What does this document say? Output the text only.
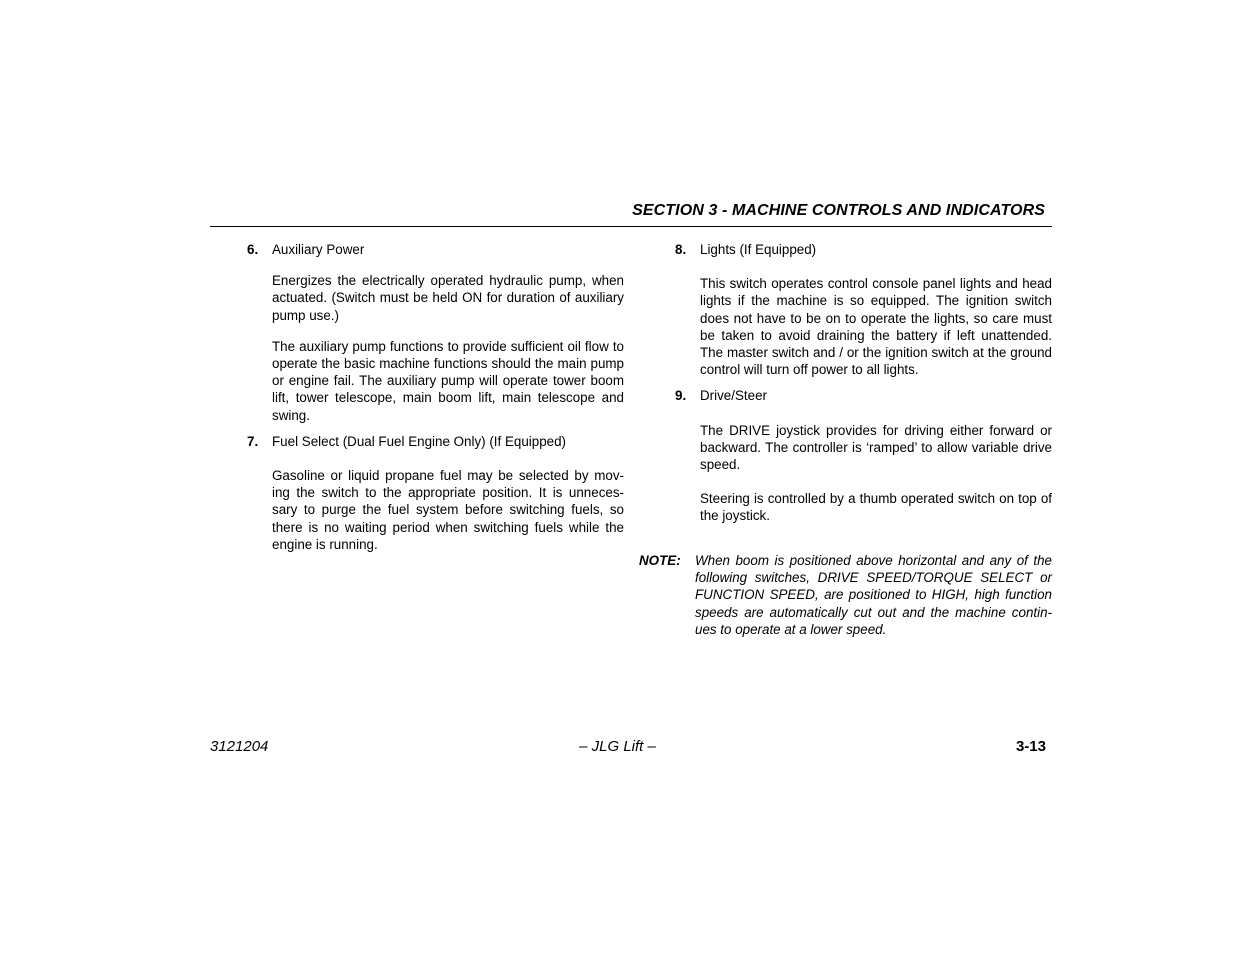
SECTION 3 - MACHINE CONTROLS AND INDICATORS
6. Auxiliary Power

Energizes the electrically operated hydraulic pump, when actuated. (Switch must be held ON for duration of auxiliary pump use.)

The auxiliary pump functions to provide sufficient oil flow to operate the basic machine functions should the main pump or engine fail. The auxiliary pump will operate tower boom lift, tower telescope, main boom lift, main telescope and swing.

7. Fuel Select (Dual Fuel Engine Only) (If Equipped)

Gasoline or liquid propane fuel may be selected by mov-ing the switch to the appropriate position. It is unneces-sary to purge the fuel system before switching fuels, so there is no waiting period when switching fuels while the engine is running.

8. Lights (If Equipped)

This switch operates control console panel lights and head lights if the machine is so equipped. The ignition switch does not have to be on to operate the lights, so care must be taken to avoid draining the battery if left unattended. The master switch and / or the ignition switch at the ground control will turn off power to all lights.

9. Drive/Steer

The DRIVE joystick provides for driving either forward or backward. The controller is ‘ramped’ to allow variable drive speed.

Steering is controlled by a thumb operated switch on top of the joystick.

NOTE: When boom is positioned above horizontal and any of the following switches, DRIVE SPEED/TORQUE SELECT or FUNCTION SPEED, are positioned to HIGH, high function speeds are automatically cut out and the machine contin-ues to operate at a lower speed.

3121204	– JLG Lift –	3-13
